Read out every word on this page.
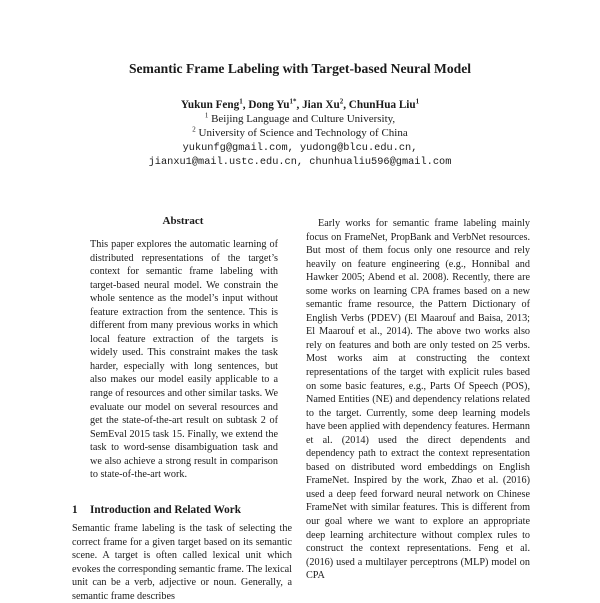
Semantic Frame Labeling with Target-based Neural Model
Yukun Feng$^1$, Dong $Yu^{1*}$, Jian Xu$^2$, ChunHua Liu$^1$
$^1$ Beijing Language and Culture University,
$^2$ University of Science and Technology of China
yukunfg@gmail.com, yudong@blcu.edu.cn,
jianxu1@mail.ustc.edu.cn, chunhualiu596@gmail.com
Abstract

This paper explores the automatic learning of distributed representations of the target’s context for semantic frame labeling with target-based neural model. We constrain the whole sentence as the model’s input without feature extraction from the sentence. This is different from many previous works in which local feature extraction of the targets is widely used. This constraint makes the task harder, especially with long sentences, but also makes our model easily applicable to a range of resources and other similar tasks. We evaluate our model on several resources and get the state-of-the-art result on subtask 2 of SemEval 2015 task 15. Finally, we extend the task to word-sense disambiguation task and we also achieve a strong result in comparison to state-of-the-art work.

1 Introduction and Related Work

Semantic frame labeling is the task of selecting the correct frame for a given target based on its semantic scene. A target is often called lexical unit which evokes the corresponding semantic frame. The lexical unit can be a verb, adjective or noun. Generally, a semantic frame describes

Early works for semantic frame labeling mainly focus on FrameNet, PropBank and VerbNet resources. But most of them focus only one resource and rely heavily on feature engineering (e.g., Honnibal and Hawker 2005; Abend et al. 2008). Recently, there are some works on learning CPA frames based on a new semantic frame resource, the Pattern Dictionary of English Verbs (PDEV) (El Maarouf and Baisa, 2013; El Maarouf et al., 2014). The above two works also rely on features and both are only tested on 25 verbs. Most works aim at constructing the context representations of the target with explicit rules based on some basic features, e.g., Parts Of Speech (POS), Named Entities (NE) and dependency relations related to the target. Currently, some deep learning models have been applied with dependency features. Hermann et al. (2014) used the direct dependents and dependency path to extract the context representation based on distributed word embeddings on English FrameNet. Inspired by the work, Zhao et al. (2016) used a deep feed forward neural network on Chinese FrameNet with similar features. This is different from our goal where we want to explore an appropriate deep learning architecture without complex rules to construct the context representations. Feng et al. (2016) used a multilayer perceptrons (MLP) model on CPA
